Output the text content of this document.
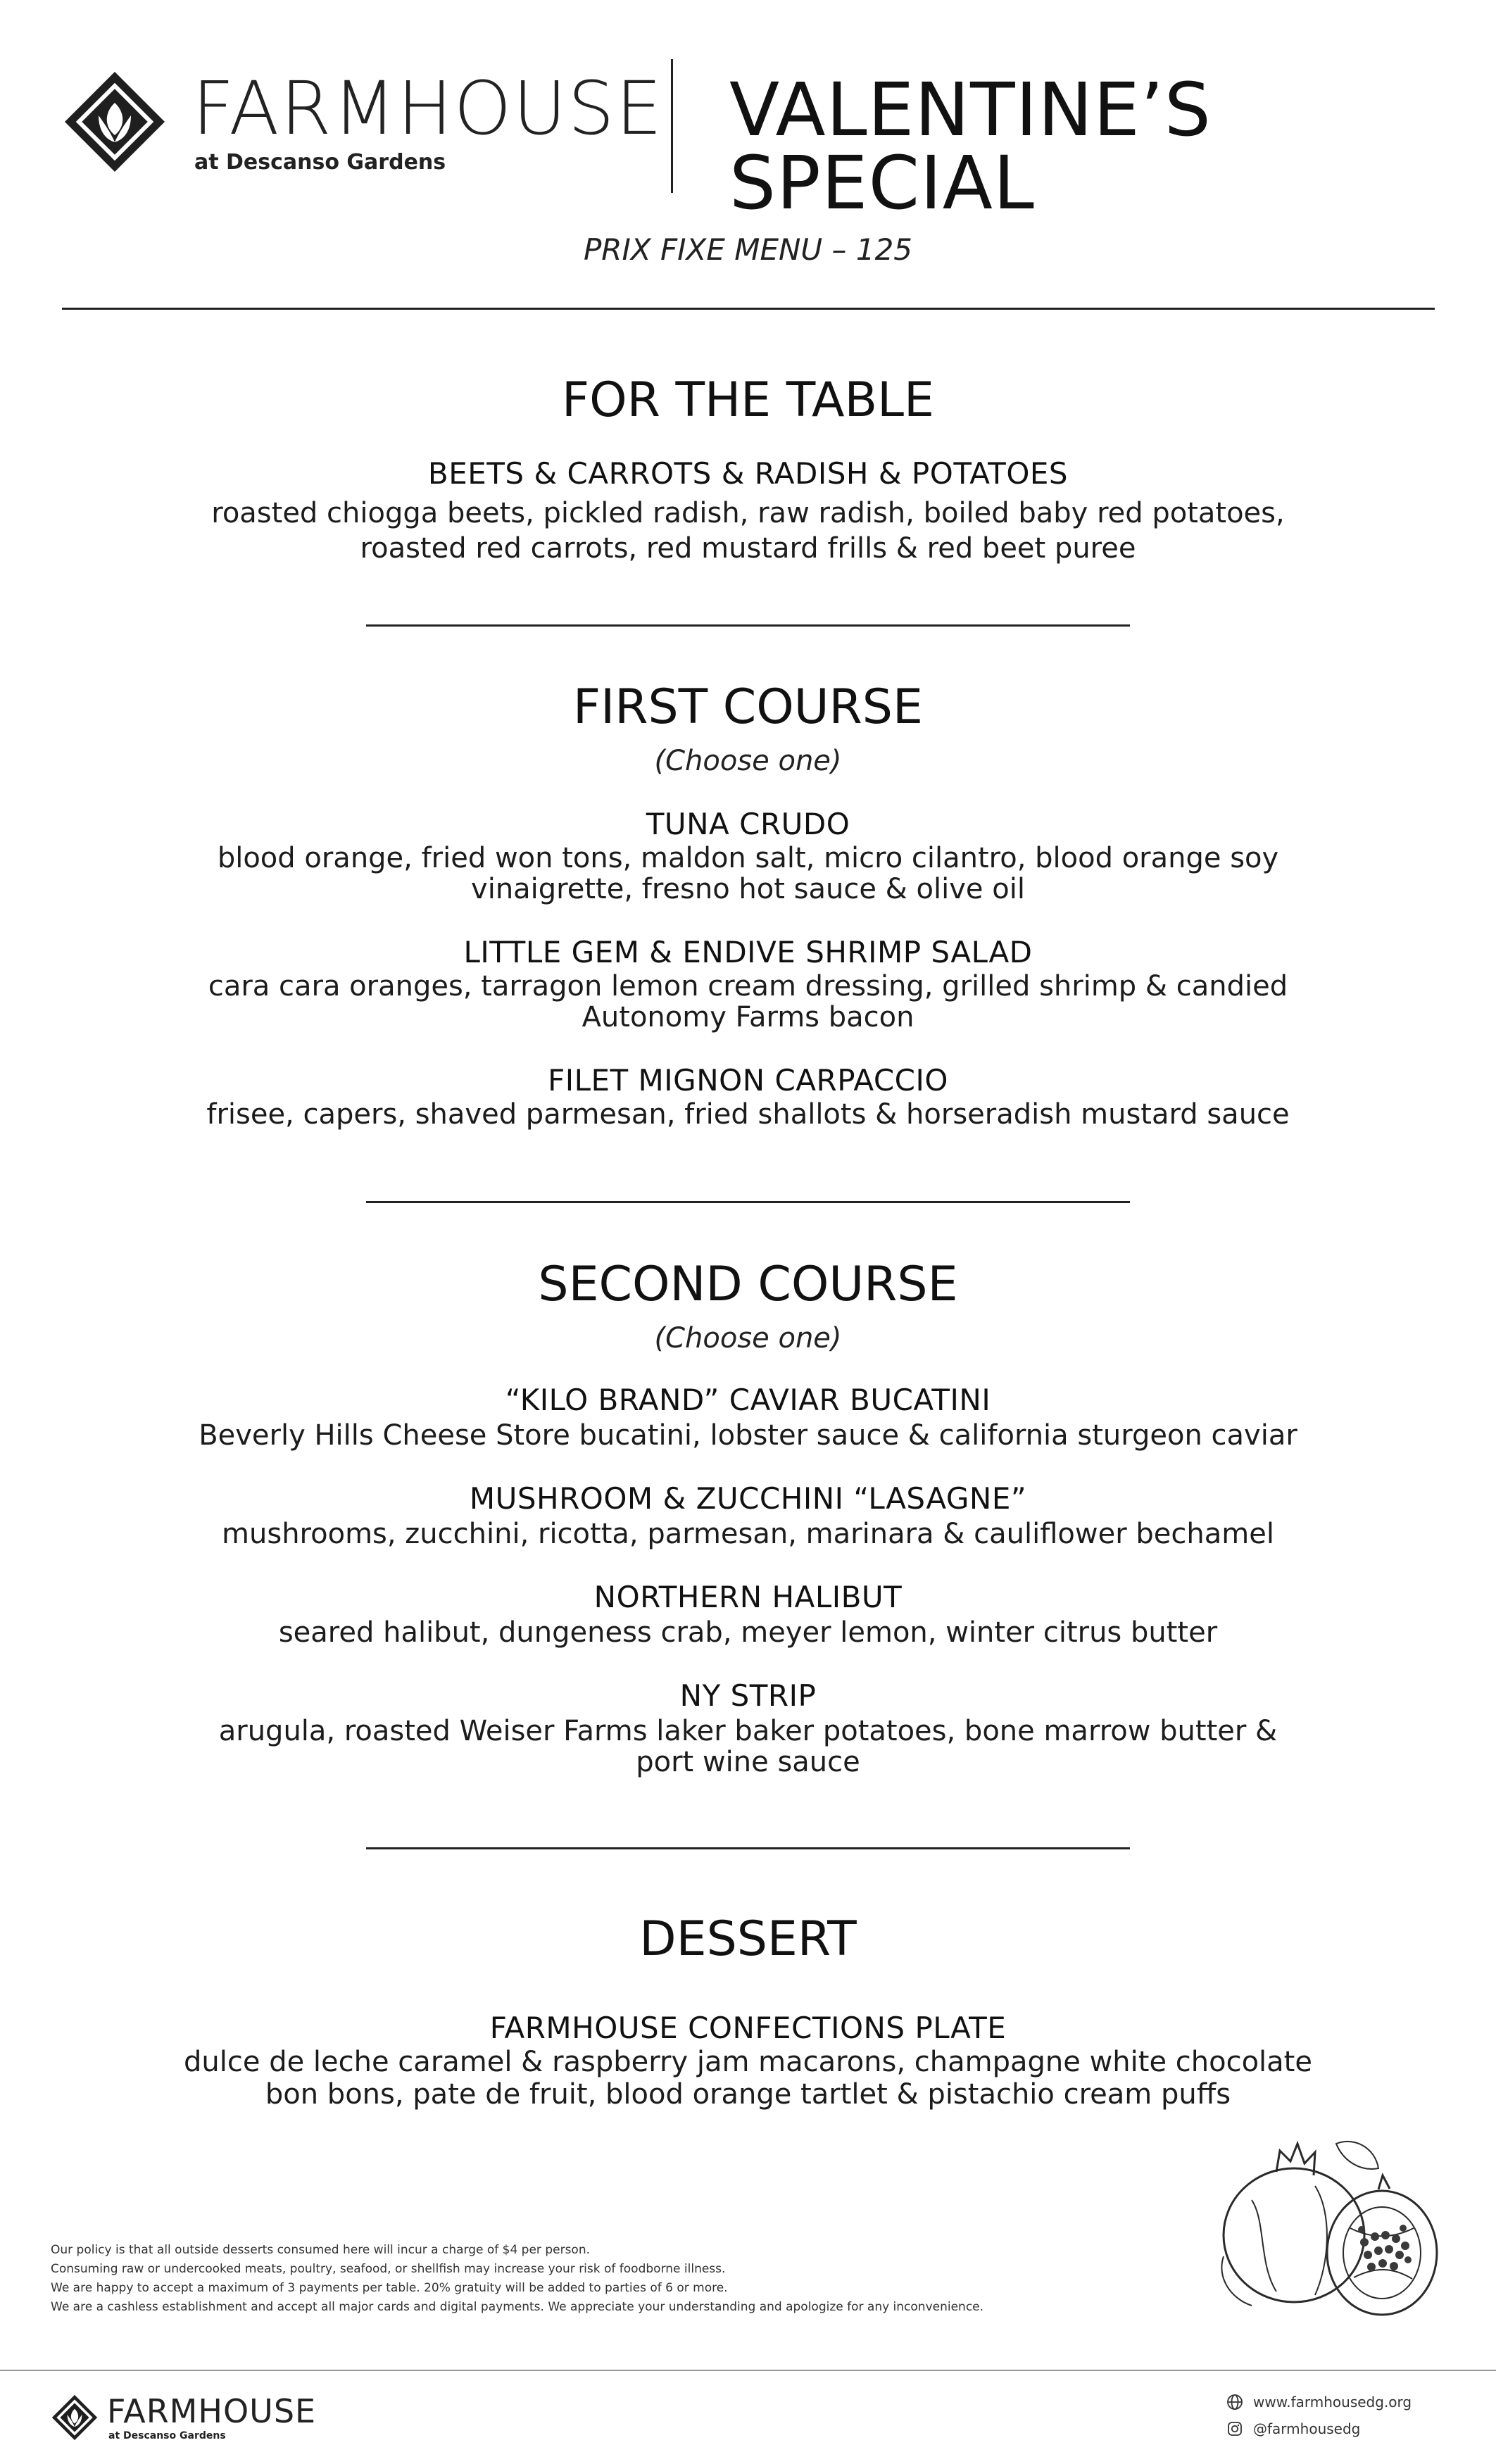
FARMHOUSE
at Descanso Gardens
VALENTINE’S SPECIAL
PRIX FIXE MENU – 125
FOR THE TABLE
BEETS & CARROTS & RADISH & POTATOES
roasted chiogga beets, pickled radish, raw radish, boiled baby red potatoes,
roasted red carrots, red mustard frills & red beet puree
FIRST COURSE
(Choose one)
TUNA CRUDO
blood orange, fried won tons, maldon salt, micro cilantro, blood orange soy
vinaigrette, fresno hot sauce & olive oil
LITTLE GEM & ENDIVE SHRIMP SALAD
cara cara oranges, tarragon lemon cream dressing, grilled shrimp & candied
Autonomy Farms bacon
FILET MIGNON CARPACCIO
frisee, capers, shaved parmesan, fried shallots & horseradish mustard sauce
SECOND COURSE
(Choose one)
“KILO BRAND” CAVIAR BUCATINI
Beverly Hills Cheese Store bucatini, lobster sauce & california sturgeon caviar
MUSHROOM & ZUCCHINI “LASAGNE”
mushrooms, zucchini, ricotta, parmesan, marinara & cauliflower bechamel
NORTHERN HALIBUT
seared halibut, dungeness crab, meyer lemon, winter citrus butter
NY STRIP
arugula, roasted Weiser Farms laker baker potatoes, bone marrow butter &
port wine sauce
DESSERT
FARMHOUSE CONFECTIONS PLATE
dulce de leche caramel & raspberry jam macarons, champagne white chocolate
bon bons, pate de fruit, blood orange tartlet & pistachio cream puffs
Our policy is that all outside desserts consumed here will incur a charge of $4 per person.
Consuming raw or undercooked meats, poultry, seafood, or shellfish may increase your risk of foodborne illness.
We are happy to accept a maximum of 3 payments per table. 20% gratuity will be added to parties of 6 or more.
We are a cashless establishment and accept all major cards and digital payments. We appreciate your understanding and apologize for any inconvenience.
FARMHOUSE
at Descanso Gardens
www.farmhousedg.org
@farmhousedg
